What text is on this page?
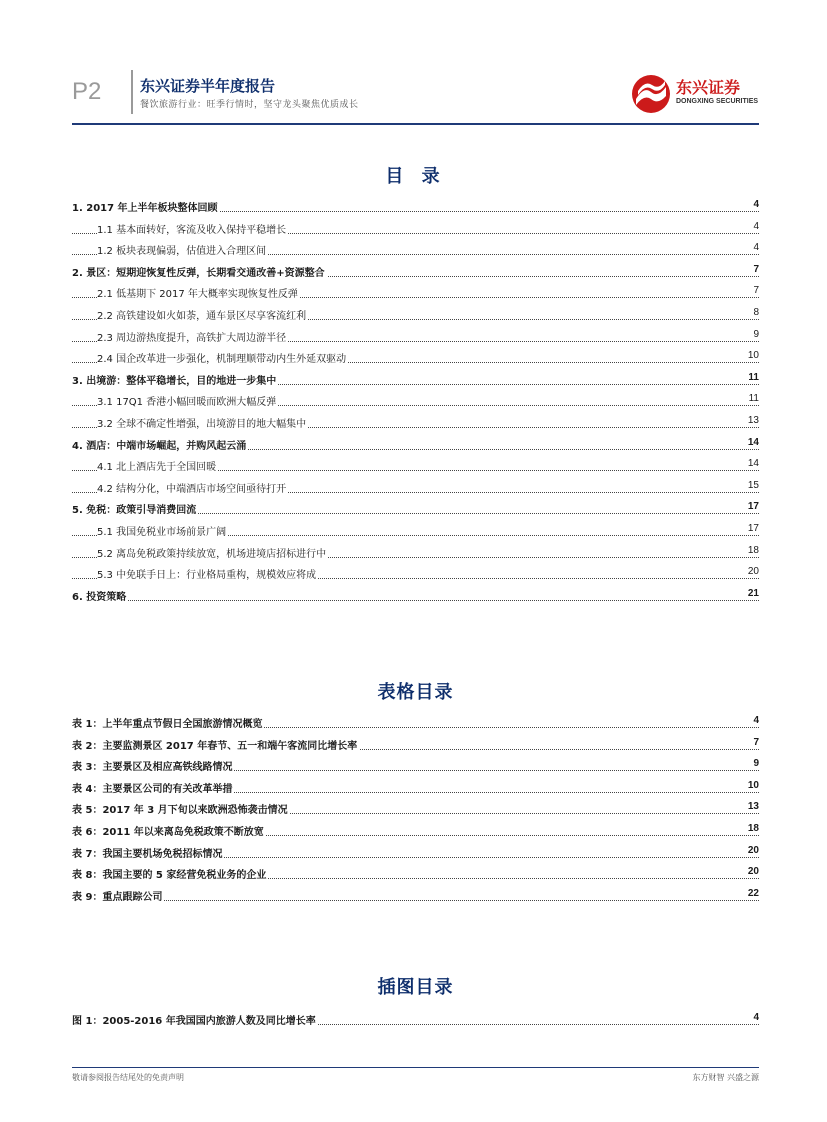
P2	东兴证券半年度报告
餐饮旅游行业：旺季行情时，坚守龙头聚焦优质成长
东兴证券
DONGXING SECURITIES
目 录
1. 2017 年上半年板块整体回顾	4
1.1 基本面转好，客流及收入保持平稳增长	4
1.2 板块表现偏弱，估值进入合理区间	4
2. 景区：短期迎恢复性反弹，长期看交通改善+资源整合	7
2.1 低基期下 2017 年大概率实现恢复性反弹	7
2.2 高铁建设如火如荼，通车景区尽享客流红利	8
2.3 周边游热度提升，高铁扩大周边游半径	9
2.4 国企改革进一步强化，机制理顺带动内生外延双驱动	10
3. 出境游：整体平稳增长，目的地进一步集中	11
3.1 17Q1 香港小幅回暖而欧洲大幅反弹	11
3.2 全球不确定性增强，出境游目的地大幅集中	13
4. 酒店：中端市场崛起，并购风起云涌	14
4.1 北上酒店先于全国回暖	14
4.2 结构分化，中端酒店市场空间亟待打开	15
5. 免税：政策引导消费回流	17
5.1 我国免税业市场前景广阔	17
5.2 离岛免税政策持续放宽，机场进境店招标进行中	18
5.3 中免联手日上：行业格局重构，规模效应将成	20
6. 投资策略	21
表格目录
表 1：上半年重点节假日全国旅游情况概览	4
表 2：主要监测景区 2017 年春节、五一和端午客流同比增长率	7
表 3：主要景区及相应高铁线路情况	9
表 4：主要景区公司的有关改革举措	10
表 5：2017 年 3 月下旬以来欧洲恐怖袭击情况	13
表 6：2011 年以来离岛免税政策不断放宽	18
表 7：我国主要机场免税招标情况	20
表 8：我国主要的 5 家经营免税业务的企业	20
表 9：重点跟踪公司	22
插图目录
图 1：2005-2016 年我国国内旅游人数及同比增长率	4
敬请参阅报告结尾处的免责声明	东方财智 兴盛之源
